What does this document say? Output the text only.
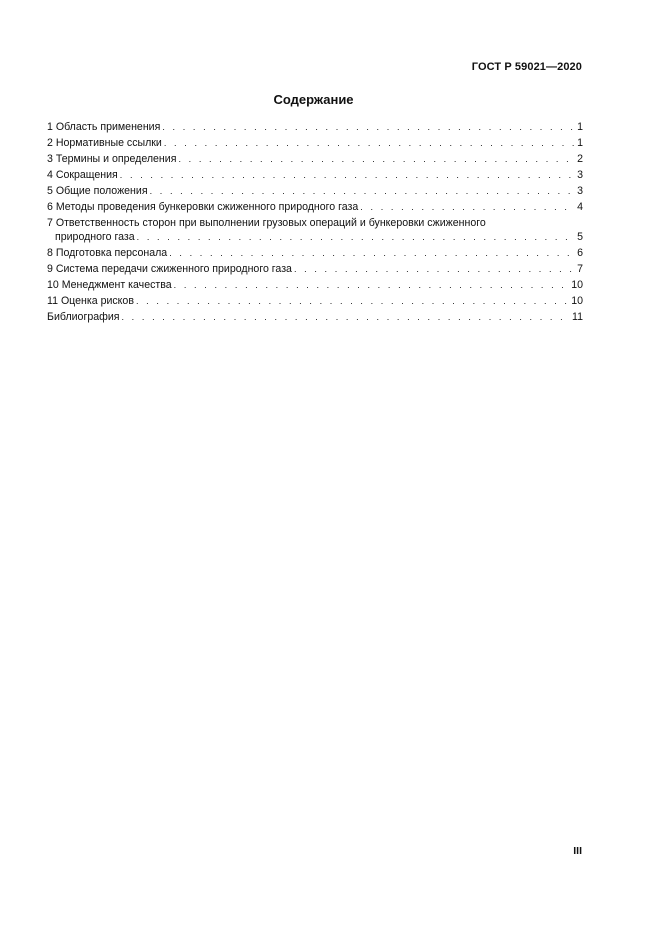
ГОСТ Р 59021—2020
Содержание
1 Область применения . . .	1
2 Нормативные ссылки . . .	1
3 Термины и определения . . .	2
4 Сокращения . . .	3
5 Общие положения . . .	3
6 Методы проведения бункеровки сжиженного природного газа . . .	4
7 Ответственность сторон при выполнении грузовых операций и бункеровки сжиженного
природного газа . . .	5
8 Подготовка персонала . . .	6
9 Система передачи сжиженного природного газа . . .	7
10 Менеджмент качества . . .	10
11 Оценка рисков . . .	10
Библиография . . .	11
III
